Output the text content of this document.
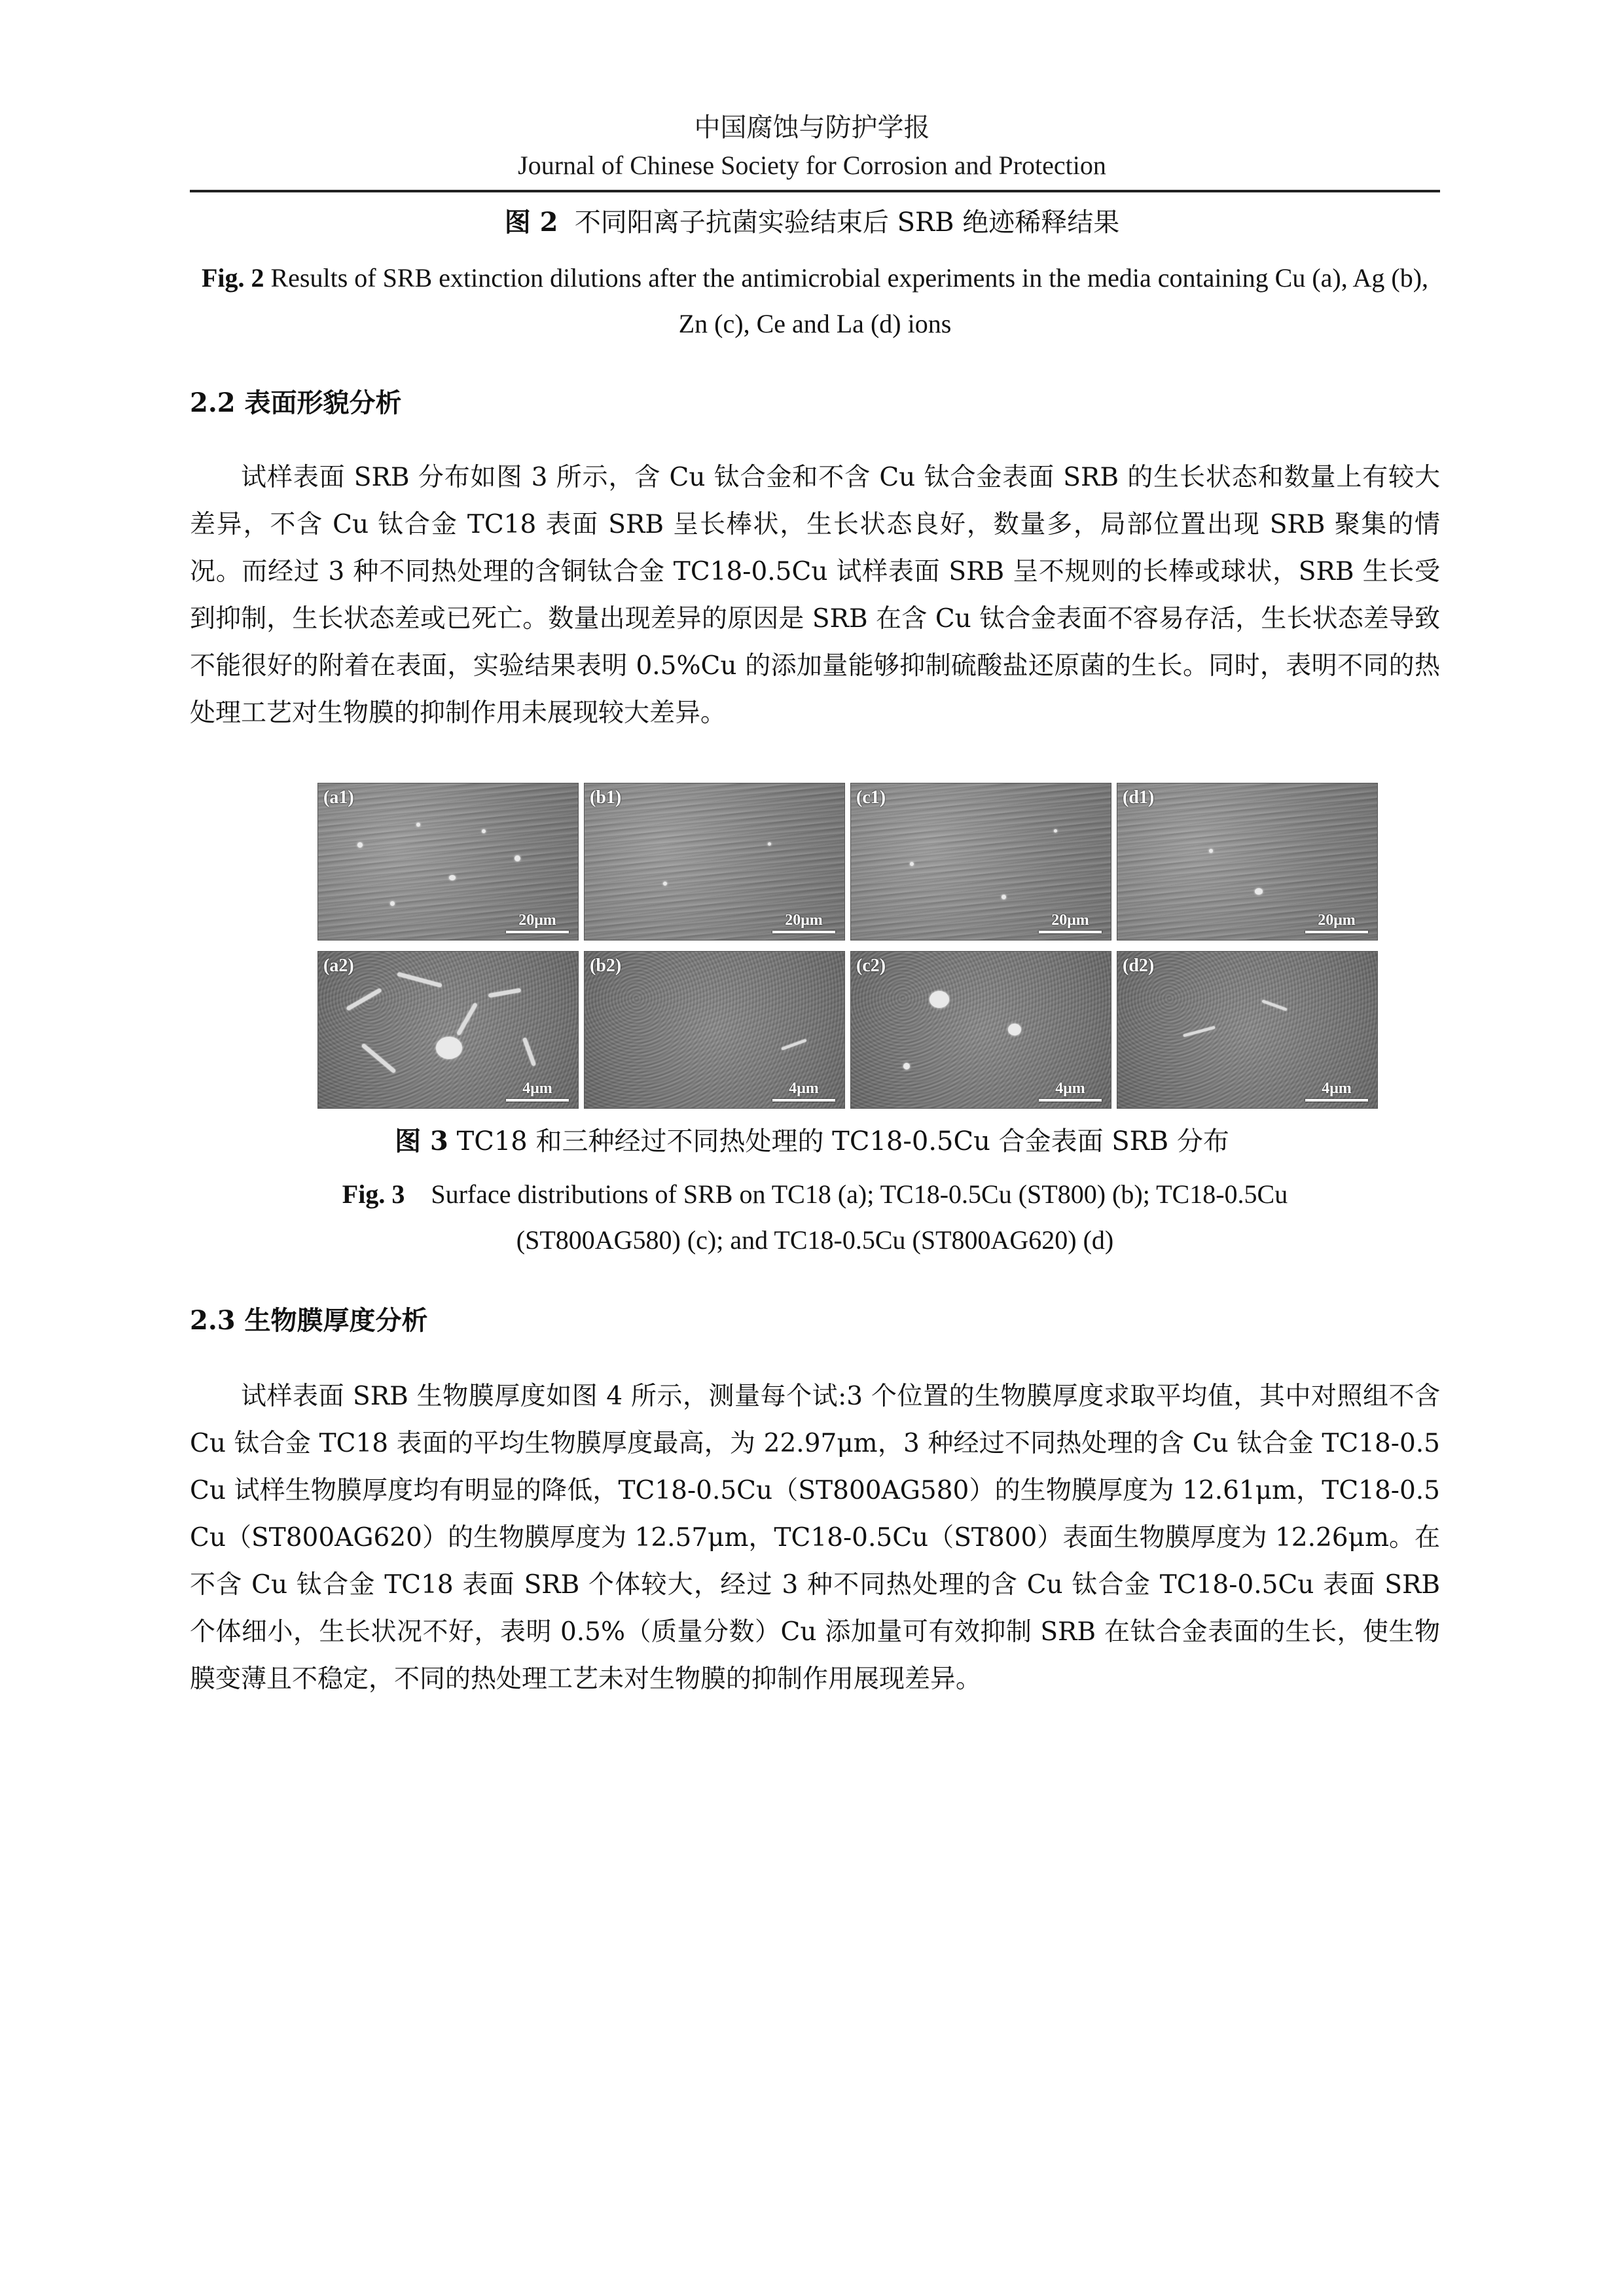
中国腐蚀与防护学报
Journal of Chinese Society for Corrosion and Protection
图 2 不同阳离子抗菌实验结束后 SRB 绝迹稀释结果
Fig. 2 Results of SRB extinction dilutions after the antimicrobial experiments in the media containing Cu (a), Ag (b), Zn (c), Ce and La (d) ions
2.2 表面形貌分析
试样表面 SRB 分布如图 3 所示，含 Cu 钛合金和不含 Cu 钛合金表面 SRB 的生长状态和数量上有较大差异，不含 Cu 钛合金 TC18 表面 SRB 呈长棒状，生长状态良好，数量多，局部位置出现 SRB 聚集的情况。而经过 3 种不同热处理的含铜钛合金 TC18-0.5Cu 试样表面 SRB 呈不规则的长棒或球状，SRB 生长受到抑制，生长状态差或已死亡。数量出现差异的原因是 SRB 在含 Cu 钛合金表面不容易存活，生长状态差导致不能很好的附着在表面，实验结果表明 0.5%Cu 的添加量能够抑制硫酸盐还原菌的生长。同时，表明不同的热处理工艺对生物膜的抑制作用未展现较大差异。
(a1)
20μm
(b1)
20μm
(c1)
20μm
(d1)
20μm
(a2)
4μm
(b2)
4μm
(c2)
4μm
(d2)
4μm
图 3 TC18 和三种经过不同热处理的 TC18-0.5Cu 合金表面 SRB 分布
Fig. 3 Surface distributions of SRB on TC18 (a); TC18-0.5Cu (ST800) (b); TC18-0.5Cu (ST800AG580) (c); and TC18-0.5Cu (ST800AG620) (d)
2.3 生物膜厚度分析
试样表面 SRB 生物膜厚度如图 4 所示，测量每个试:3 个位置的生物膜厚度求取平均值，其中对照组不含 Cu 钛合金 TC18 表面的平均生物膜厚度最高，为 22.97μm，3 种经过不同热处理的含 Cu 钛合金 TC18-0.5Cu 试样生物膜厚度均有明显的降低，TC18-0.5Cu（ST800AG580）的生物膜厚度为 12.61μm，TC18-0.5Cu（ST800AG620）的生物膜厚度为 12.57μm，TC18-0.5Cu（ST800）表面生物膜厚度为 12.26μm。在不含 Cu 钛合金 TC18 表面 SRB 个体较大，经过 3 种不同热处理的含 Cu 钛合金 TC18-0.5Cu 表面 SRB 个体细小，生长状况不好，表明 0.5%（质量分数）Cu 添加量可有效抑制 SRB 在钛合金表面的生长，使生物膜变薄且不稳定，不同的热处理工艺未对生物膜的抑制作用展现差异。
